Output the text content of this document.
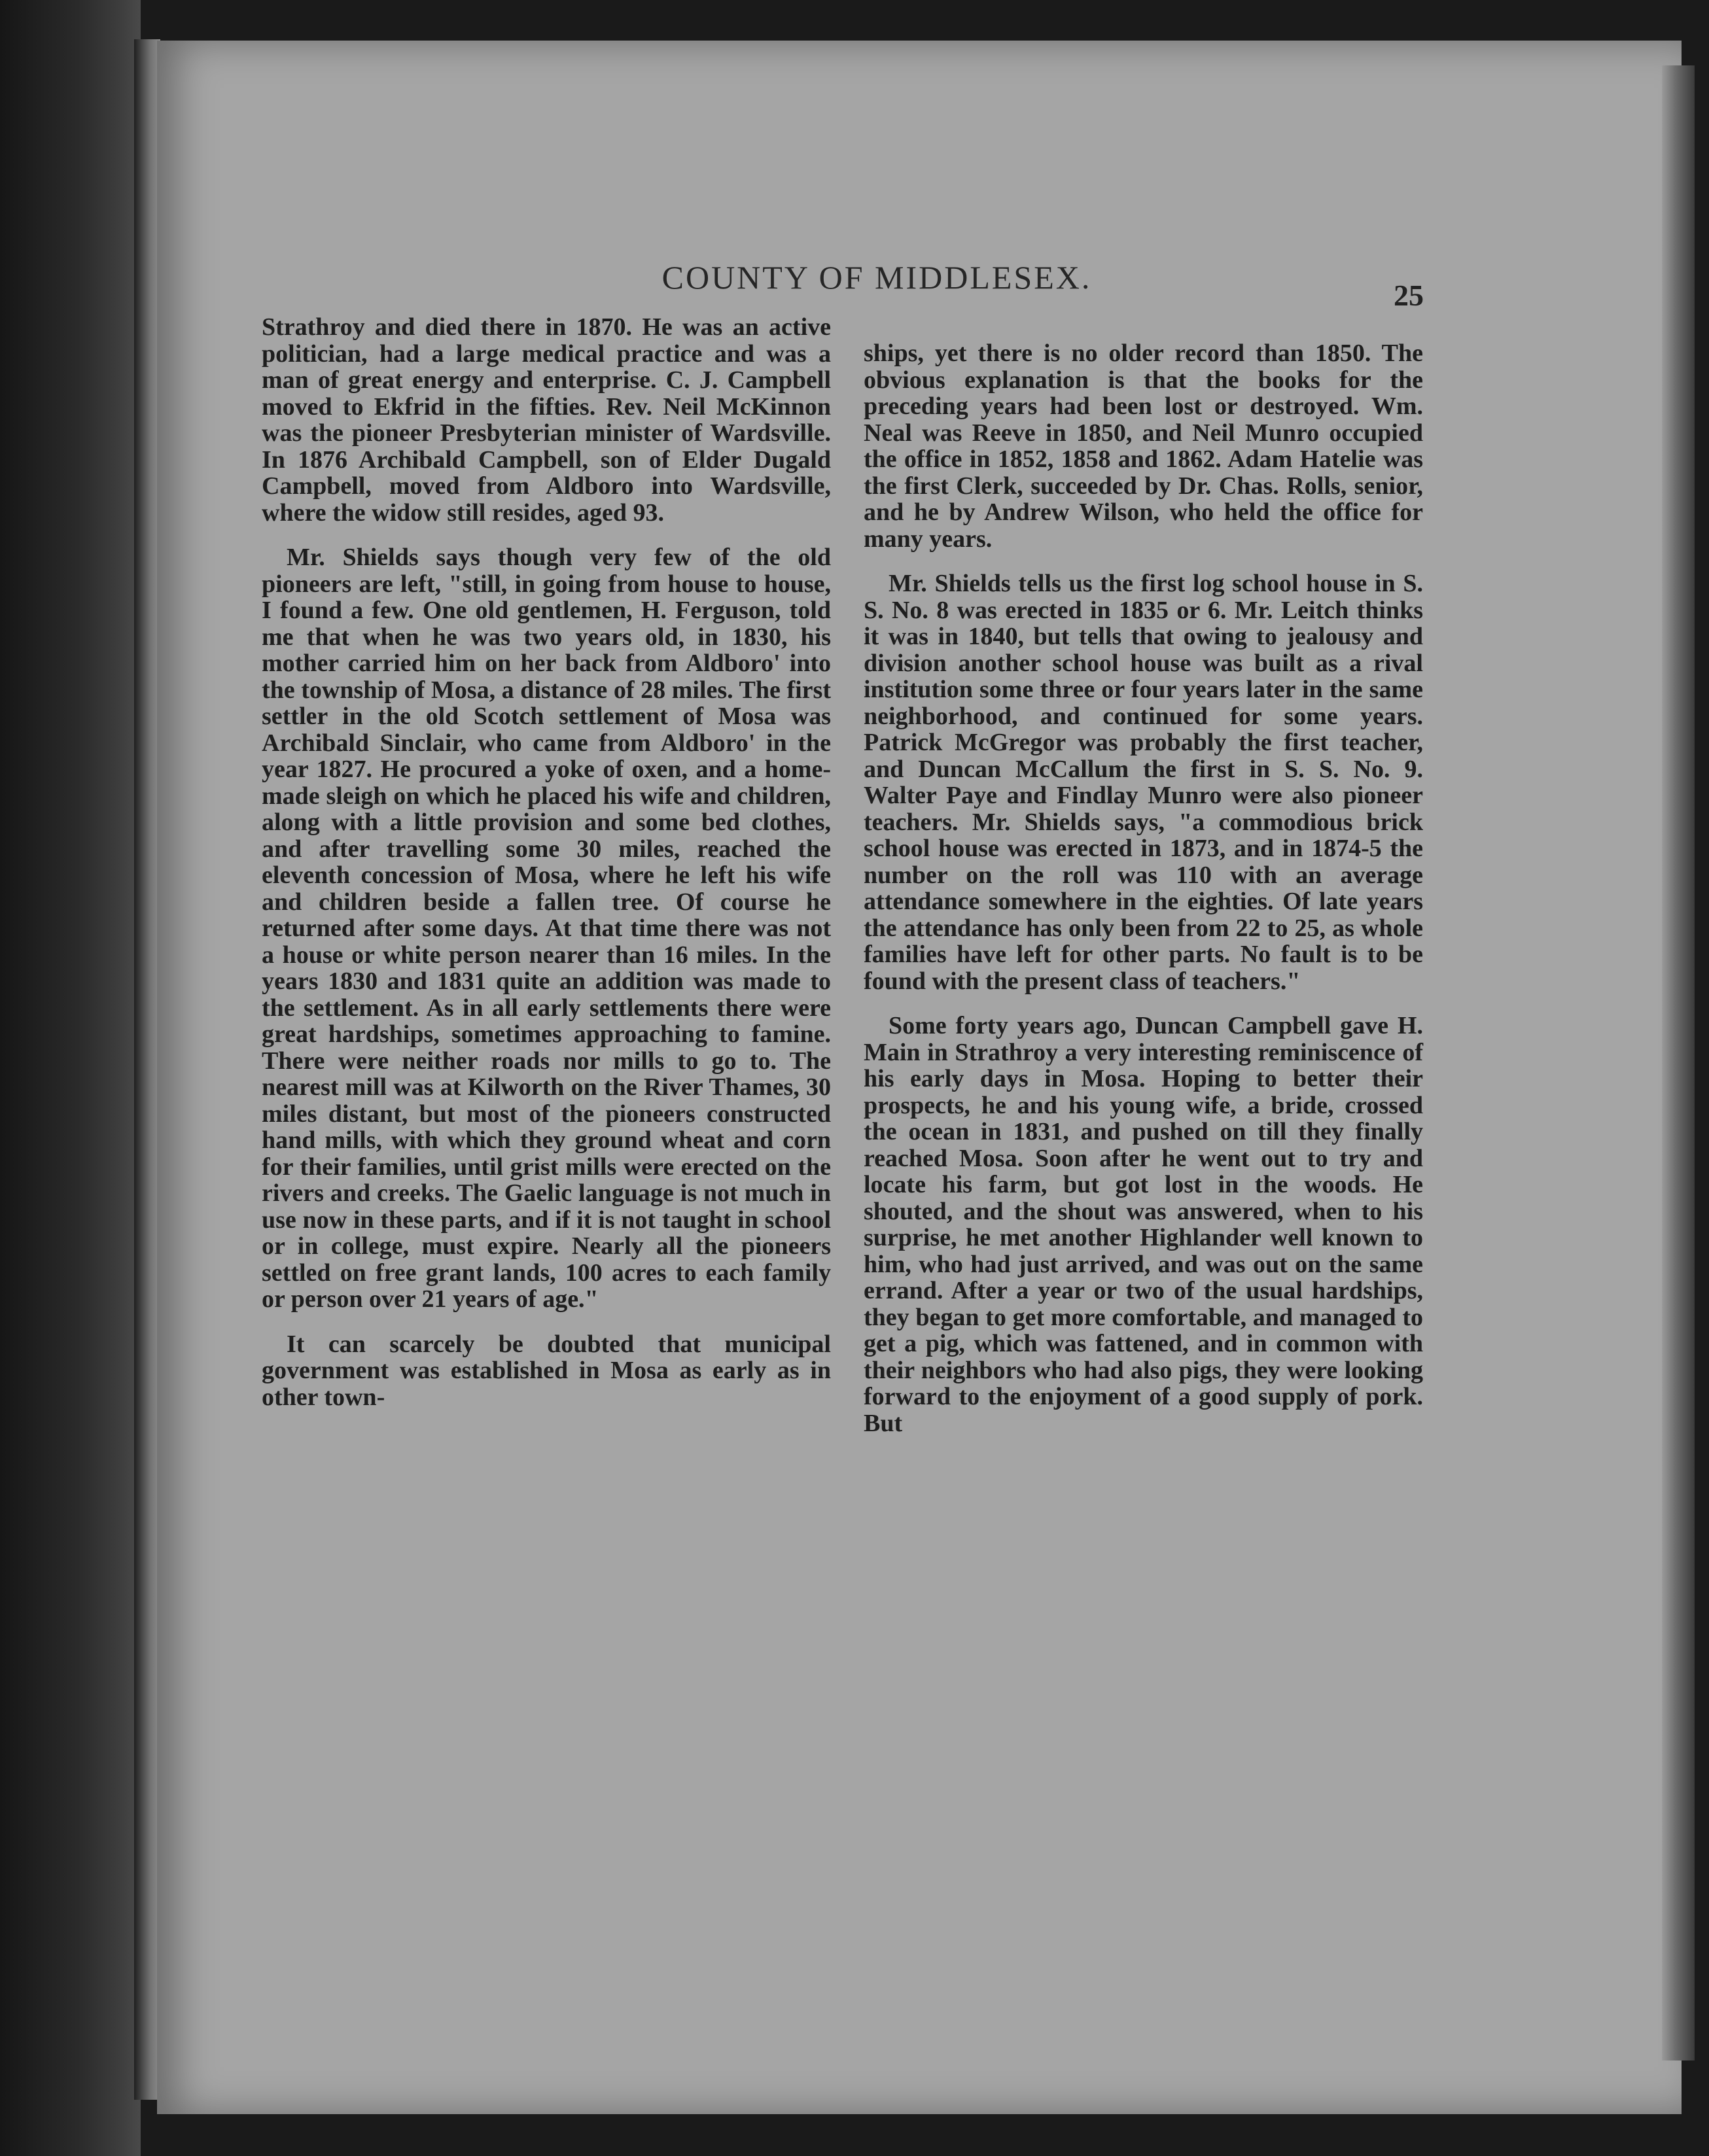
COUNTY OF MIDDLESEX.	25

Strathroy and died there in 1870. He was an active politician, had a large medical practice and was a man of great energy and enterprise. C. J. Campbell moved to Ekfrid in the fifties. Rev. Neil McKinnon was the pioneer Presbyterian minister of Wardsville. In 1876 Archibald Campbell, son of Elder Dugald Campbell, moved from Aldboro into Wardsville, where the widow still resides, aged 93.

Mr. Shields says though very few of the old pioneers are left, "still, in going from house to house, I found a few. One old gentlemen, H. Ferguson, told me that when he was two years old, in 1830, his mother carried him on her back from Aldboro' into the township of Mosa, a distance of 28 miles. The first settler in the old Scotch settlement of Mosa was Archibald Sinclair, who came from Aldboro' in the year 1827. He procured a yoke of oxen, and a home-made sleigh on which he placed his wife and children, along with a little provision and some bed clothes, and after travelling some 30 miles, reached the eleventh concession of Mosa, where he left his wife and children beside a fallen tree. Of course he returned after some days. At that time there was not a house or white person nearer than 16 miles. In the years 1830 and 1831 quite an addition was made to the settlement. As in all early settlements there were great hardships, sometimes approaching to famine. There were neither roads nor mills to go to. The nearest mill was at Kilworth on the River Thames, 30 miles distant, but most of the pioneers constructed hand mills, with which they ground wheat and corn for their families, until grist mills were erected on the rivers and creeks. The Gaelic language is not much in use now in these parts, and if it is not taught in school or in college, must expire. Nearly all the pioneers settled on free grant lands, 100 acres to each family or person over 21 years of age."

It can scarcely be doubted that municipal government was established in Mosa as early as in other town-

ships, yet there is no older record than 1850. The obvious explanation is that the books for the preceding years had been lost or destroyed. Wm. Neal was Reeve in 1850, and Neil Munro occupied the office in 1852, 1858 and 1862. Adam Hatelie was the first Clerk, succeeded by Dr. Chas. Rolls, senior, and he by Andrew Wilson, who held the office for many years.

Mr. Shields tells us the first log school house in S. S. No. 8 was erected in 1835 or 6. Mr. Leitch thinks it was in 1840, but tells that owing to jealousy and division another school house was built as a rival institution some three or four years later in the same neighborhood, and continued for some years. Patrick McGregor was probably the first teacher, and Duncan McCallum the first in S. S. No. 9. Walter Paye and Findlay Munro were also pioneer teachers. Mr. Shields says, "a commodious brick school house was erected in 1873, and in 1874-5 the number on the roll was 110 with an average attendance somewhere in the eighties. Of late years the attendance has only been from 22 to 25, as whole families have left for other parts. No fault is to be found with the present class of teachers."

Some forty years ago, Duncan Campbell gave H. Main in Strathroy a very interesting reminiscence of his early days in Mosa. Hoping to better their prospects, he and his young wife, a bride, crossed the ocean in 1831, and pushed on till they finally reached Mosa. Soon after he went out to try and locate his farm, but got lost in the woods. He shouted, and the shout was answered, when to his surprise, he met another Highlander well known to him, who had just arrived, and was out on the same errand. After a year or two of the usual hardships, they began to get more comfortable, and managed to get a pig, which was fattened, and in common with their neighbors who had also pigs, they were looking forward to the enjoyment of a good supply of pork. But
